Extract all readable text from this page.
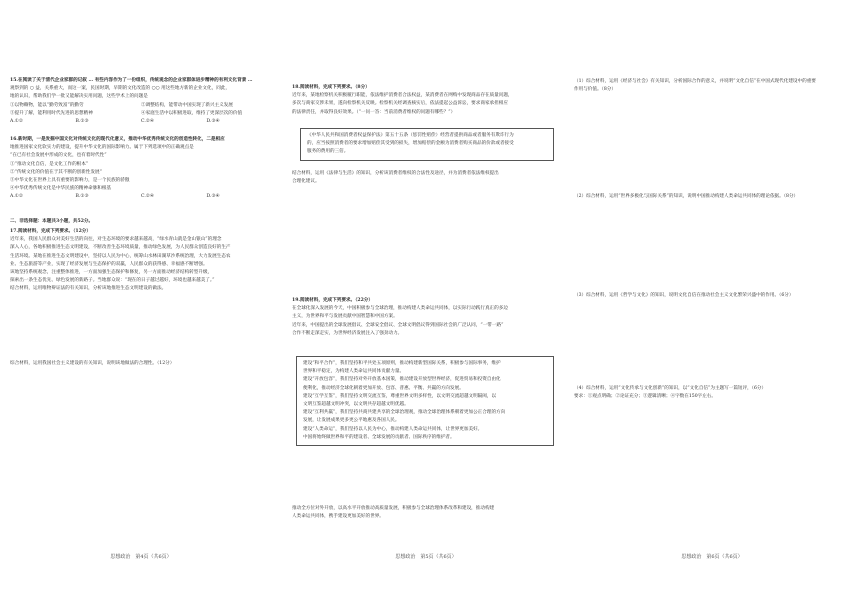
15.在阅读了关于清代企业家群的记叙 … 有些内容作为了一份组织，传统观念的企业家群体进步精神的有利文化背景 …
观察到的 ○ 益，关系重大，而这一案，民国时期，早期的文化改造的 ○○ 用这些地方新的企业文化，同此，
地的认识，帮助我们学一批又能解决实用问题，这些学术上的问题是
①以物赖物，能以“勤劳致富”的勤劳	②调整结构，能带动中国实现了新兴主义发展
③提升了解，能利用时代先进的思想精神	④家庭生活中以积极进取，维持了更深层次的价值
A.①②	B.①③	C.②④	D.③④
16.新时期，一是发掘中国文化对传统文化的现代化意义，推动中华优秀传统文化的创造性转化，二是相应
地推进国家文化软实力的建设，提升中华文化的国际影响力。属于下列选项中的正确观点是
“在已有社会发展中形成的文化，也有着时代性”
①“推动文化自信，是文化工作的根本”
②“传统文化的价值在于其不断的创新性发展”
③中华文化在世界上具有重要的影响力，是一个民族的骄傲
④中华优秀传统文化是中华民族的精神命脉和根基
A.①②	B.①③	C.②④	D.③④
二、非选择题：本题共3小题，共52分。
17.阅读材料，完成下列要求。（12分）
近年来，我国人民群众对美好生活的向往，对生态环境的要求越来越高，“绿水青山就是金山银山”的理念
深入人心，各地积极推进生态文明建设，不断改善生态环境质量，推动绿色发展，为人民群众创造良好的生产
生活环境。某地在推进生态文明建设中，坚持以人民为中心，统筹山水林田湖草沙系统治理，大力发展生态农
业、生态旅游等产业，实现了经济发展与生态保护的双赢，人民群众的获得感、幸福感不断增强。
该地坚持系统观念，注重整体推进，一方面加强生态保护和修复，另一方面推动经济结构转型升级，
探索出一条生态优先、绿色发展的新路子。当地群众说：“现在的日子越过越好，环境也越来越美了。”
结合材料，运用唯物辩证法的有关知识，分析该地推进生态文明建设的做法。
综合材料，运用我国社会主义建设的有关知识，说明该地做法的合理性。（12分）
思想政治　第4页（共6页）
18.阅读材料，完成下列要求。（8分）
近年来，某地检察机关积极履行职能，依法维护消费者合法权益，某消费者在网购中发现商品存在质量问题，
多次与商家交涉未果，遂向检察机关反映。检察机关经调查核实后，依法提起公益诉讼，要求商家承担相应
的法律责任，并取得良好效果。（“一问一答：当前消费者维权的问题有哪些？”）
《中华人民共和国消费者权益保护法》第五十五条（惩罚性赔偿）经营者提供商品或者服务有欺诈行为
的，应当按照消费者的要求增加赔偿其受到的损失，增加赔偿的金额为消费者购买商品的价款或者接受
服务的费用的三倍。
结合材料，运用《法律与生活》的知识，分析该消费者维权的合法性及途径，并为消费者依法维权提出
合理化建议。
19.阅读材料，完成下列要求。（22分）
在全球化深入发展的今天，中国积极参与全球治理，推动构建人类命运共同体，以实际行动践行真正的多边
主义，为世界和平与发展贡献中国智慧和中国方案。
近年来，中国提出的全球发展倡议、全球安全倡议、全球文明倡议得到国际社会的广泛认同，“一带一路”
合作不断走深走实，为世界经济发展注入了强劲动力。
建设“和平合作”，我们坚持和平共处五项原则，推动构建新型国际关系，积极参与国际事务，维护
世界和平稳定，为构建人类命运共同体贡献力量。
建设“开放包容”，我们坚持对外开放基本国策，推动建设开放型世界经济，促进贸易和投资自由化
便利化，推动经济全球化朝着更加开放、包容、普惠、平衡、共赢的方向发展。
建设“互学互鉴”，我们坚持文明交流互鉴，尊重世界文明多样性，以文明交流超越文明隔阂，以
文明互鉴超越文明冲突，以文明共存超越文明优越。
建设“互利共赢”，我们坚持共商共建共享的全球治理观，推动全球治理体系朝着更加公正合理的方向
发展，让发展成果更多更公平地惠及各国人民。
建设“人类命运”，我们坚持以人民为中心，推动构建人类命运共同体，让世界更加美好。
中国将始终做世界和平的建设者、全球发展的贡献者、国际秩序的维护者。
推动全方位对外开放，以高水平开放推动高质量发展，积极参与全球治理体系改革和建设，推动构建
人类命运共同体，携手建设更加美好的世界。
思想政治　第5页（共6页）
（1）综合材料，运用《经济与社会》有关知识，分析国际合作的意义，并说明“文化自信”在中国式现代化建设中的重要
作用与价值。（8分）
（2）综合材料，运用“世界多极化与国际关系”的知识，说明中国推动构建人类命运共同体的理论依据。（8分）
（3）综合材料，运用《哲学与文化》的知识，说明文化自信在推动社会主义文化繁荣兴盛中的作用。（6分）
（4）综合材料，运用“文化传承与文化创新”的知识，以“文化自信”为主题写一篇短评，（6分）
要求：①观点明确；②论证充分；③逻辑清晰；④字数在150字左右。
思想政治　第6页（共6页）
